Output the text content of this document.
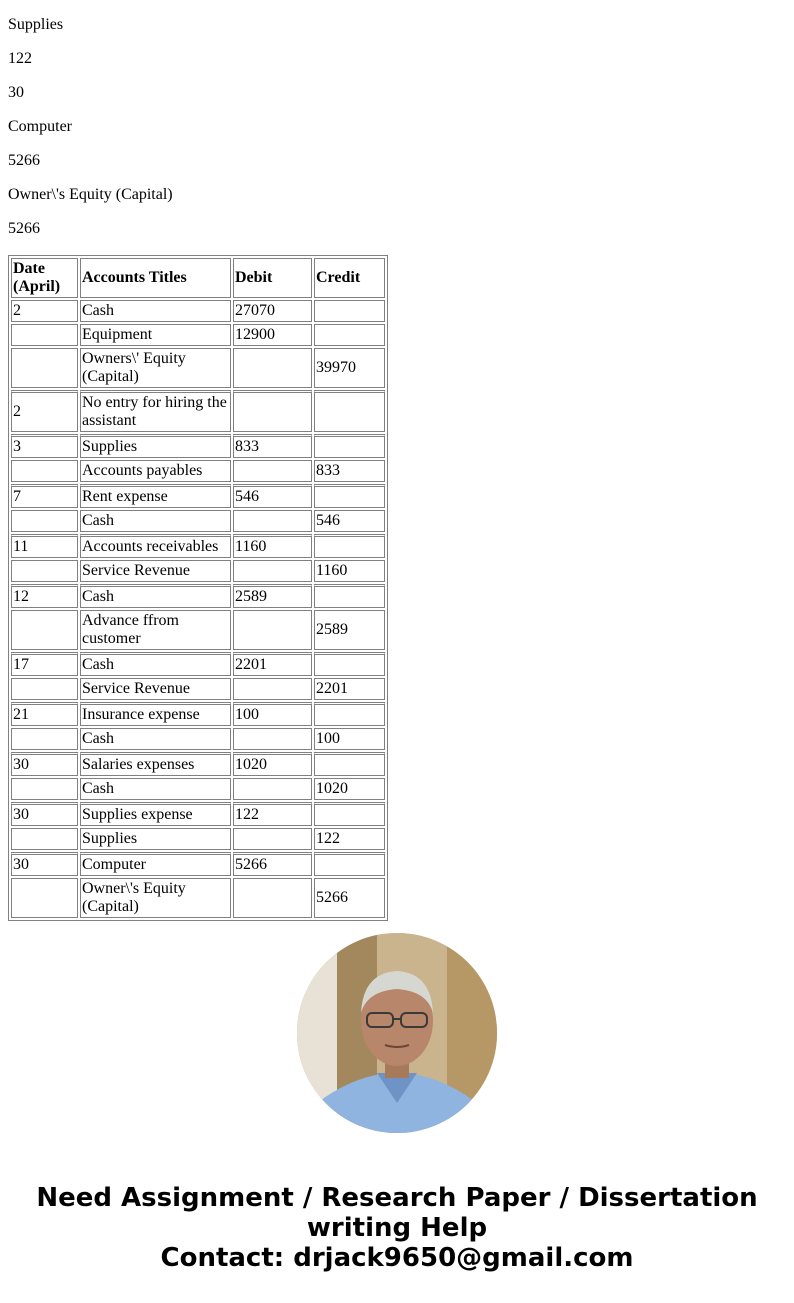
Supplies

122

30

Computer

5266

Owner\'s Equity (Capital)

5266

Date (April)	Accounts Titles	Debit	Credit
2	Cash	27070	
	Equipment	12900	
	Owners\' Equity (Capital)		39970
2	No entry for hiring the assistant		
3	Supplies	833	
	Accounts payables		833
7	Rent expense	546	
	Cash		546
11	Accounts receivables	1160	
	Service Revenue		1160
12	Cash	2589	
	Advance ffrom customer		2589
17	Cash	2201	
	Service Revenue		2201
21	Insurance expense	100	
	Cash		100
30	Salaries expenses	1020	
	Cash		1020
30	Supplies expense	122	
	Supplies		122
30	Computer	5266	
	Owner\'s Equity (Capital)		5266
Need Assignment / Research Paper / Dissertation
writing Help
Contact: drjack9650@gmail.com
